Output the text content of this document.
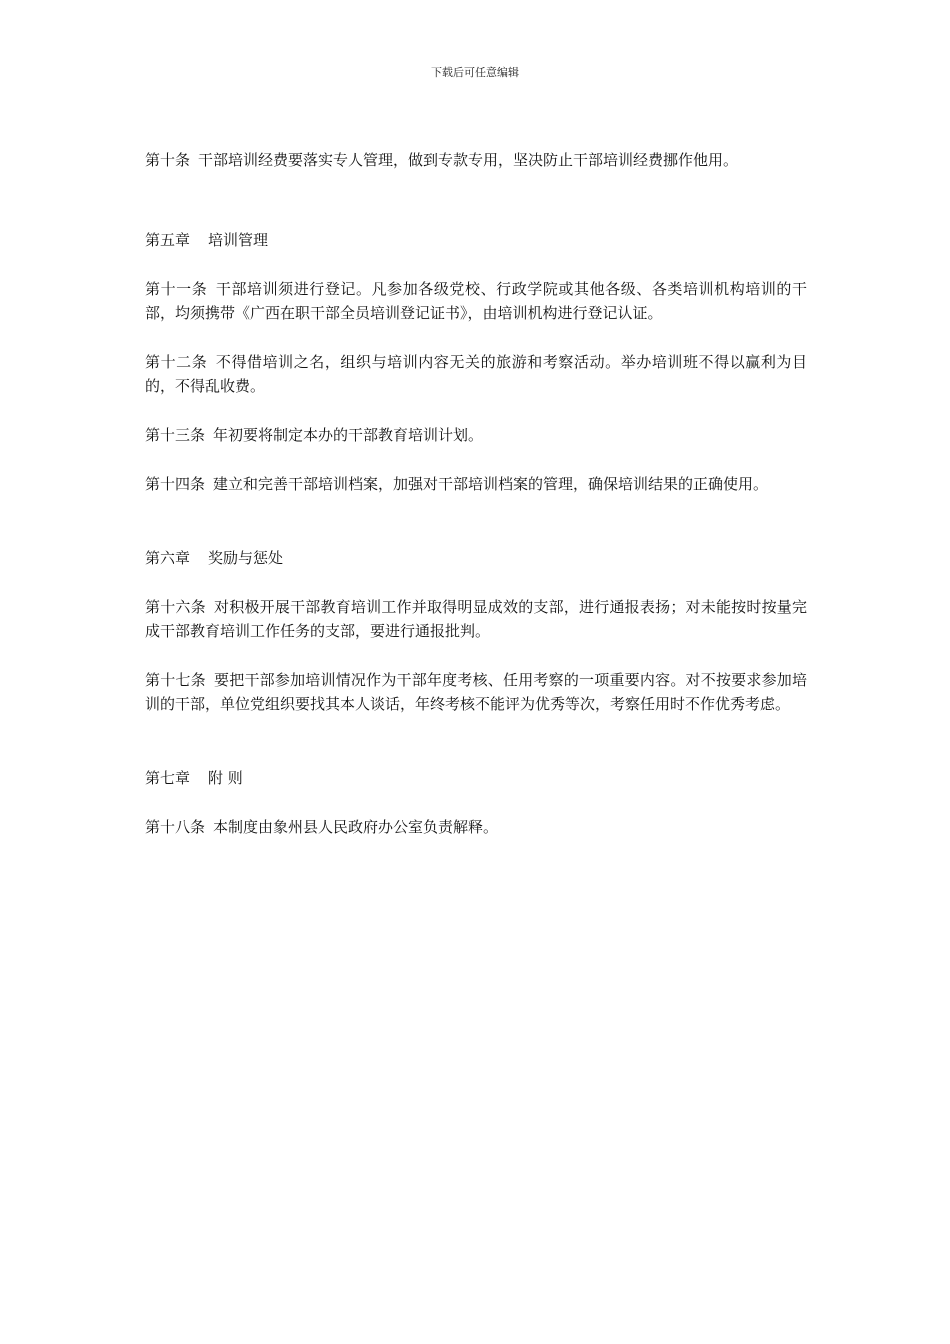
下载后可任意编辑

第十条 干部培训经费要落实专人管理，做到专款专用，坚决防止干部培训经费挪作他用。

第五章 培训管理

第十一条 干部培训须进行登记。凡参加各级党校、行政学院或其他各级、各类培训机构培训的干部，均须携带《广西在职干部全员培训登记证书》，由培训机构进行登记认证。

第十二条 不得借培训之名，组织与培训内容无关的旅游和考察活动。举办培训班不得以赢利为目的，不得乱收费。

第十三条 年初要将制定本办的干部教育培训计划。

第十四条 建立和完善干部培训档案，加强对干部培训档案的管理，确保培训结果的正确使用。

第六章 奖励与惩处

第十六条 对积极开展干部教育培训工作并取得明显成效的支部，进行通报表扬；对未能按时按量完成干部教育培训工作任务的支部，要进行通报批判。

第十七条 要把干部参加培训情况作为干部年度考核、任用考察的一项重要内容。对不按要求参加培训的干部，单位党组织要找其本人谈话，年终考核不能评为优秀等次，考察任用时不作优秀考虑。

第七章 附 则

第十八条 本制度由象州县人民政府办公室负责解释。
